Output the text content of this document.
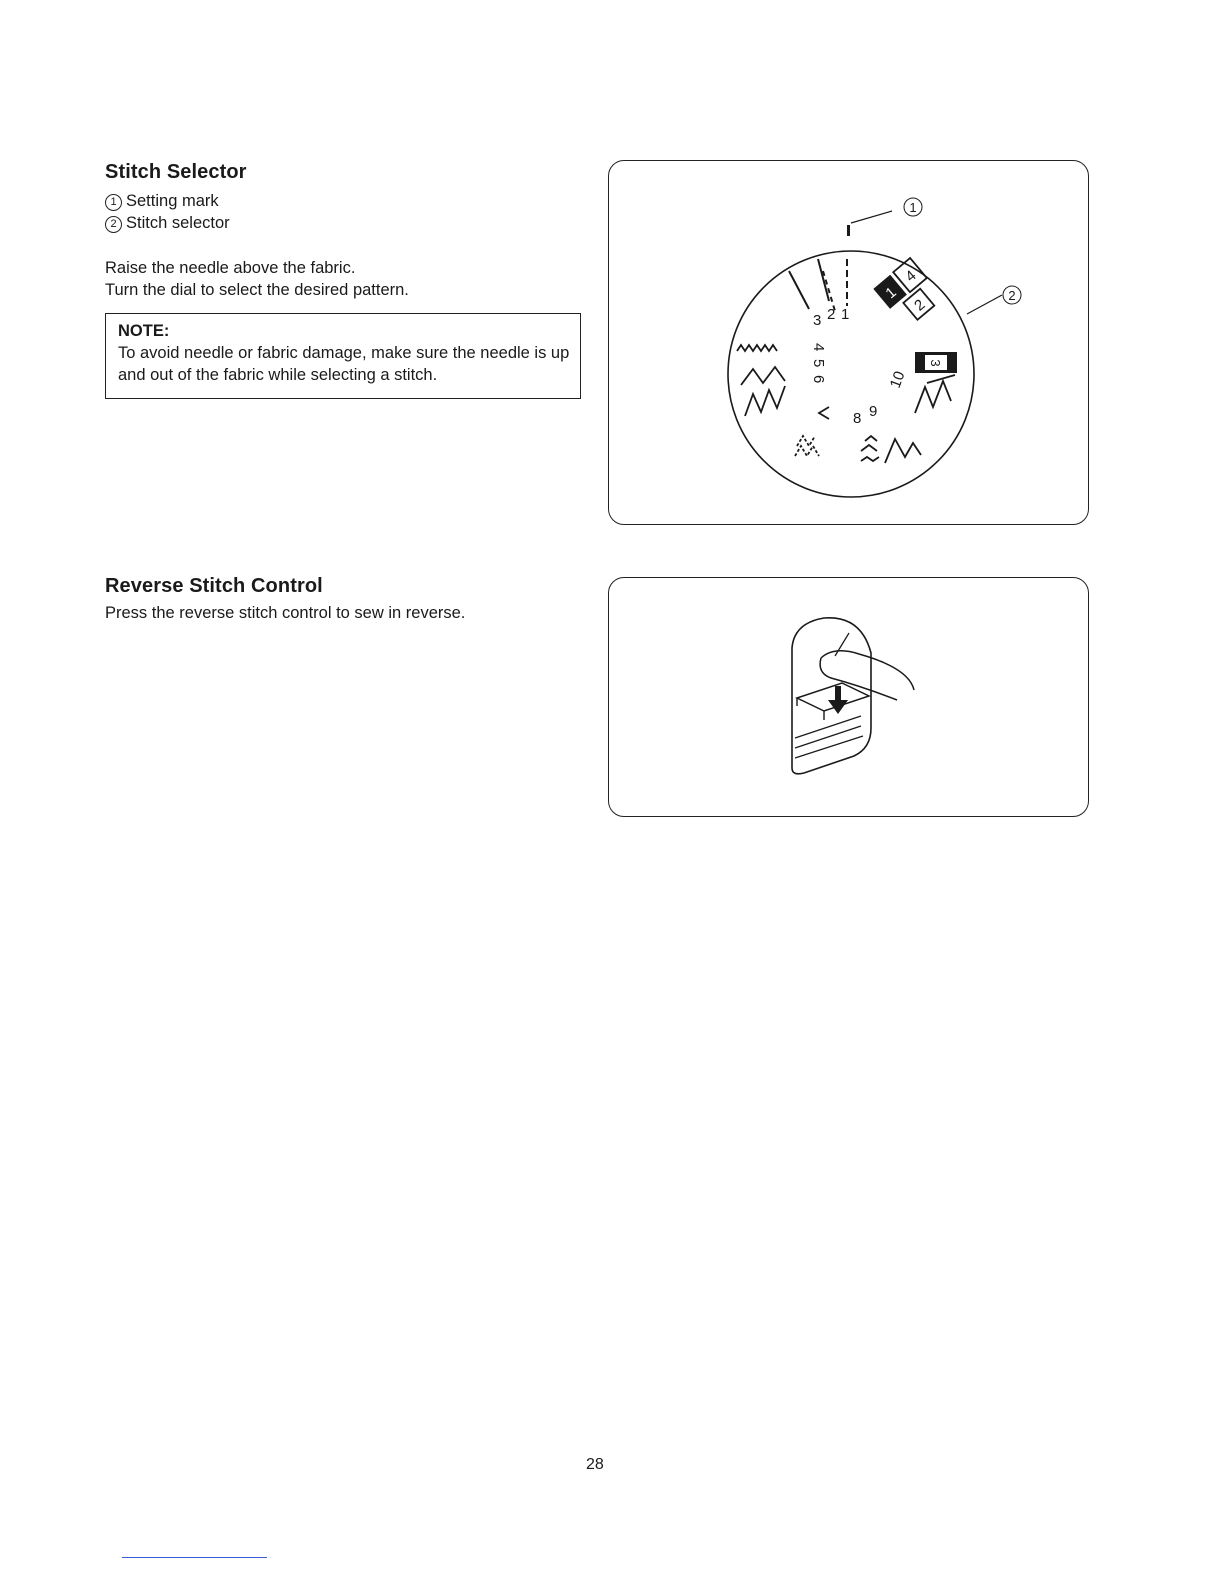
Stitch Selector
1 Setting mark
2 Stitch selector
Raise the needle above the fabric.
Turn the dial to select the desired pattern.
NOTE:
To avoid needle or fabric damage, make sure the needle is up and out of the fabric while selecting a stitch.
1
2
3 2 1
4
5
6
8 9
10
1
4
2
3
Reverse Stitch Control

Press the reverse stitch control to sew in reverse.

28
